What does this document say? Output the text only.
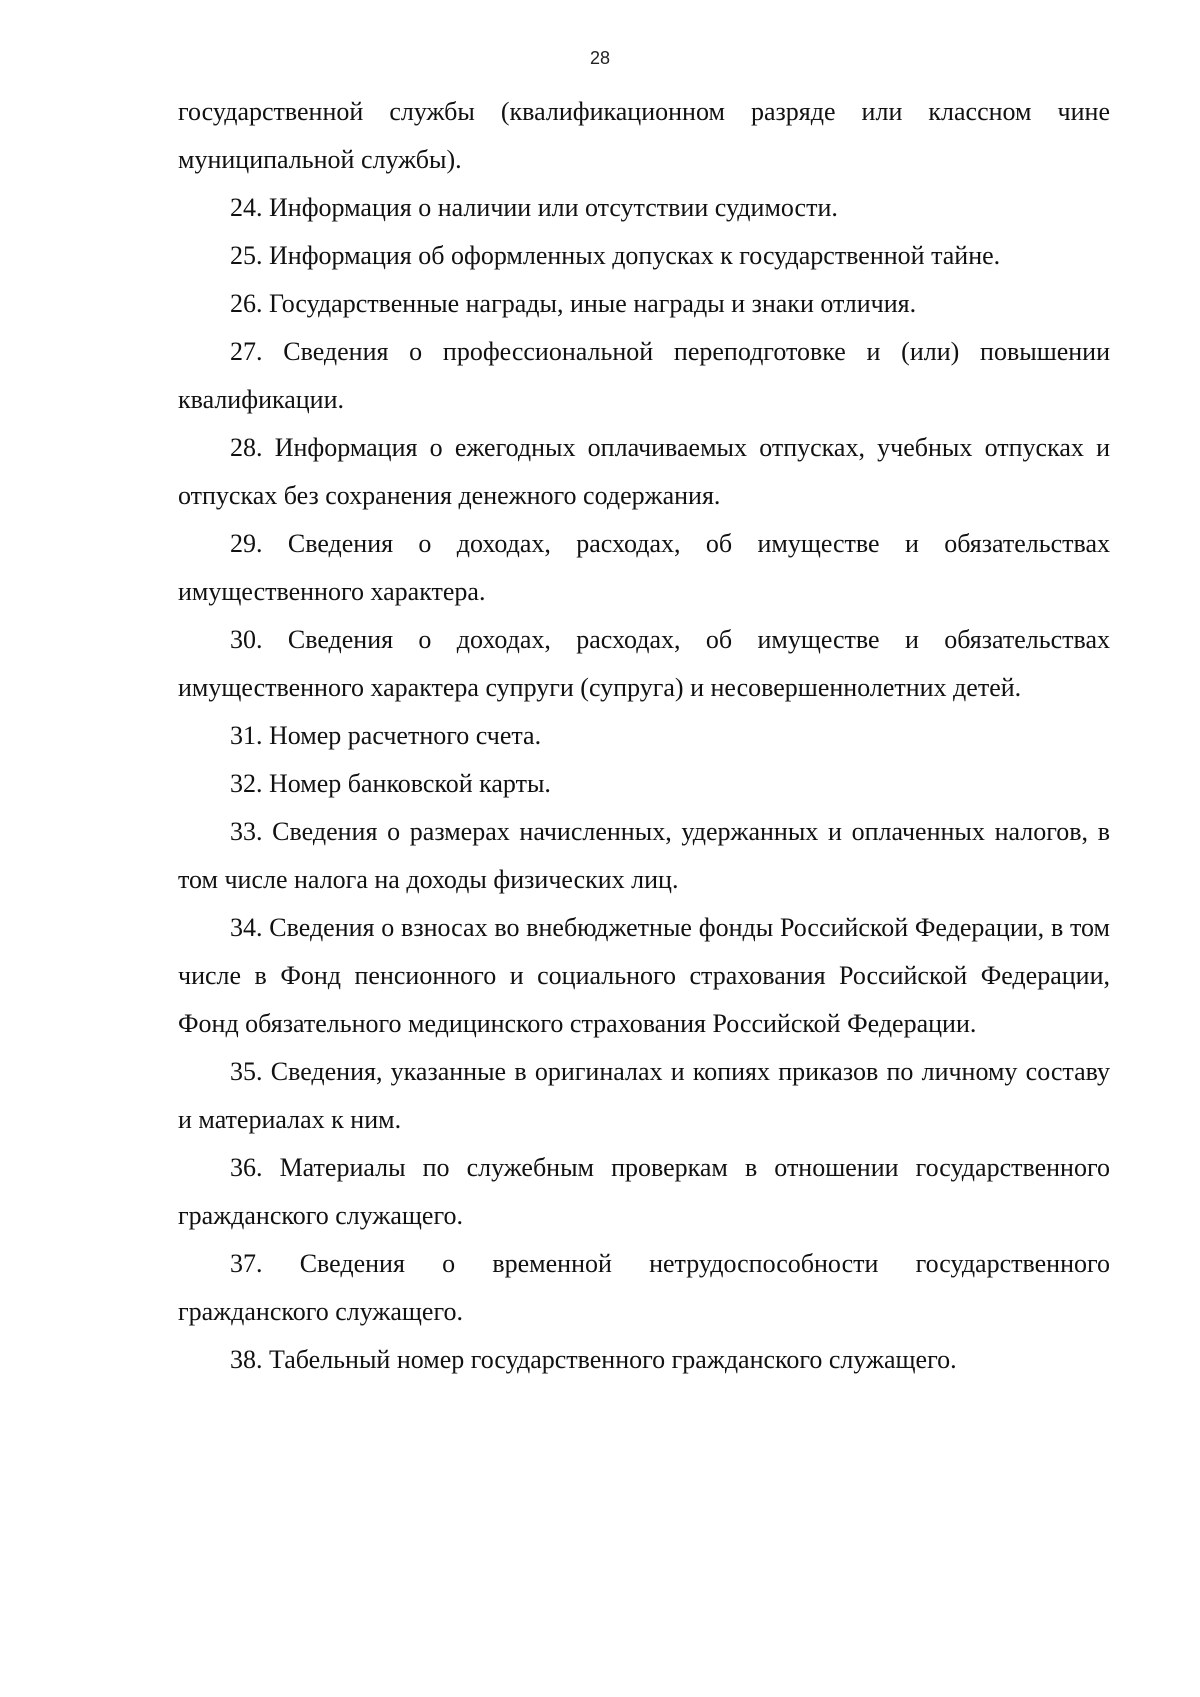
28

государственной службы (квалификационном разряде или классном чине муниципальной службы).

24. Информация о наличии или отсутствии судимости.

25. Информация об оформленных допусках к государственной тайне.

26. Государственные награды, иные награды и знаки отличия.

27. Сведения о профессиональной переподготовке и (или) повышении квалификации.

28. Информация о ежегодных оплачиваемых отпусках, учебных отпусках и отпусках без сохранения денежного содержания.

29. Сведения о доходах, расходах, об имуществе и обязательствах имущественного характера.

30. Сведения о доходах, расходах, об имуществе и обязательствах имущественного характера супруги (супруга) и несовершеннолетних детей.

31. Номер расчетного счета.

32. Номер банковской карты.

33. Сведения о размерах начисленных, удержанных и оплаченных налогов, в том числе налога на доходы физических лиц.

34. Сведения о взносах во внебюджетные фонды Российской Федерации, в том числе в Фонд пенсионного и социального страхования Российской Федерации, Фонд обязательного медицинского страхования Российской Федерации.

35. Сведения, указанные в оригиналах и копиях приказов по личному составу и материалах к ним.

36. Материалы по служебным проверкам в отношении государственного гражданского служащего.

37. Сведения о временной нетрудоспособности государственного гражданского служащего.

38. Табельный номер государственного гражданского служащего.
